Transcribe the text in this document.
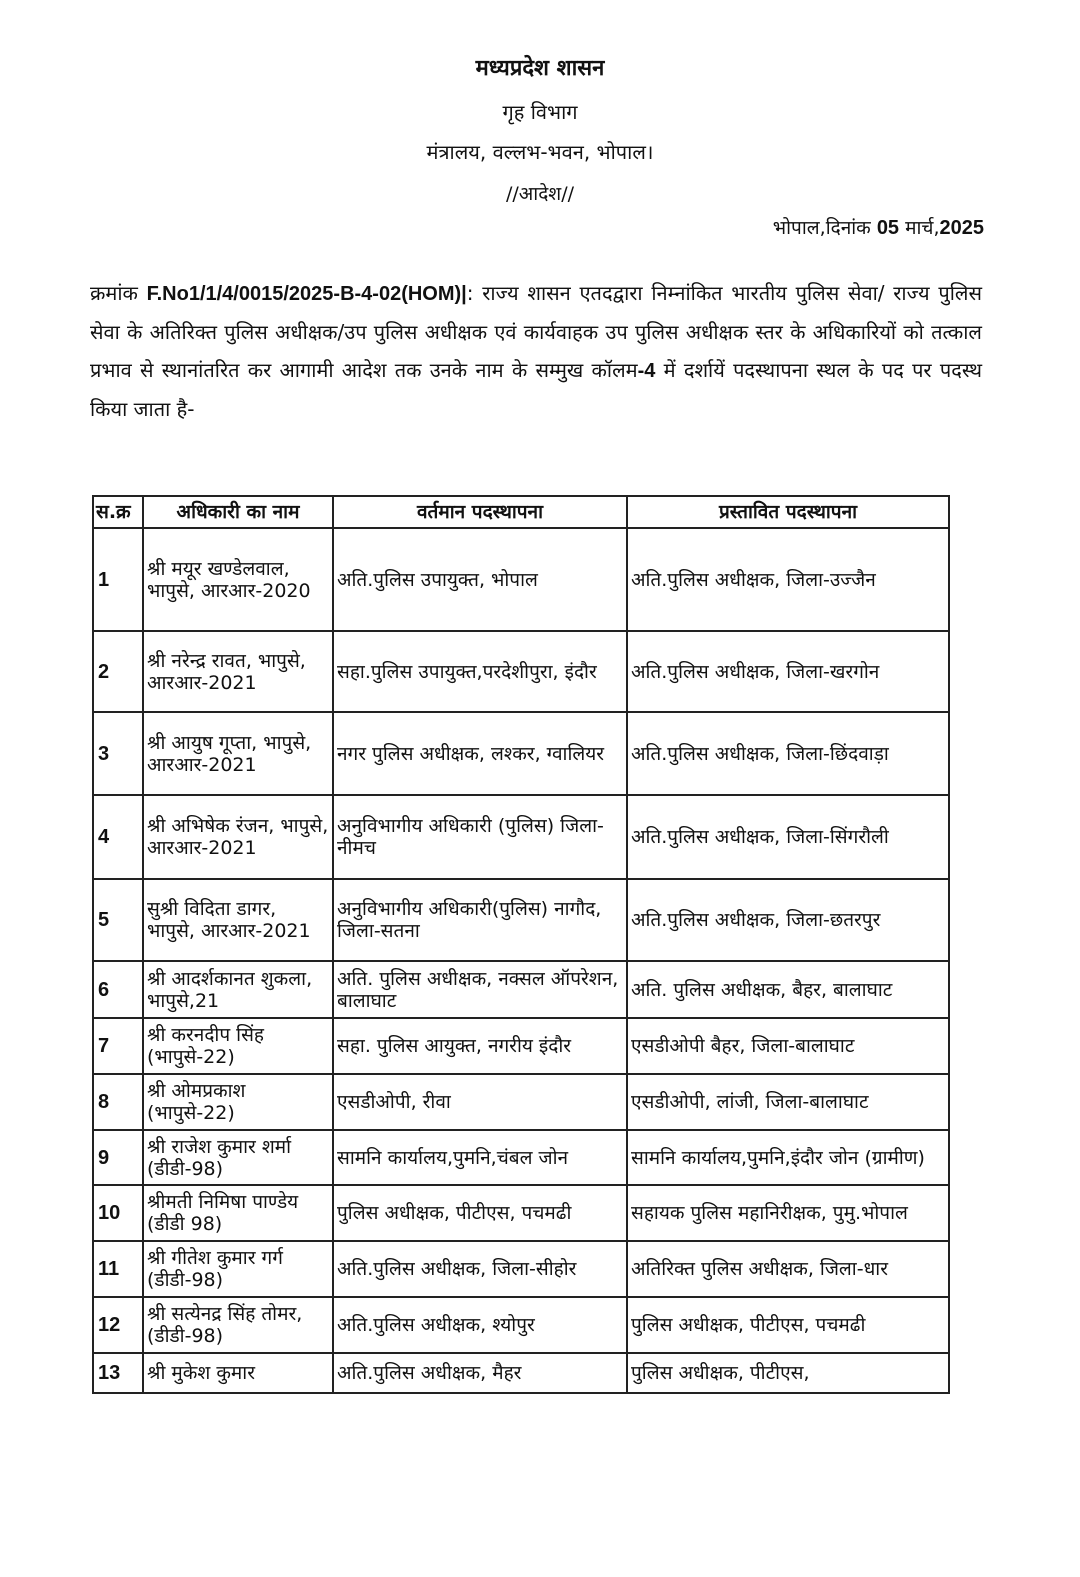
मध्यप्रदेश शासन
गृह विभाग
मंत्रालय, वल्लभ-भवन, भोपाल।
//आदेश//
भोपाल,दिनांक 05 मार्च,2025
क्रमांक F.No1/1/4/0015/2025-B-4-02(HOM)|: राज्य शासन एतदद्वारा निम्नांकित भारतीय पुलिस सेवा/ राज्य पुलिस सेवा के अतिरिक्त पुलिस अधीक्षक/उप पुलिस अधीक्षक एवं कार्यवाहक उप पुलिस अधीक्षक स्तर के अधिकारियों को तत्काल प्रभाव से स्थानांतरित कर आगामी आदेश तक उनके नाम के सम्मुख कॉलम-4 में दर्शायें पदस्थापना स्थल के पद पर पदस्थ किया जाता है-
स.क्र	अधिकारी का नाम	वर्तमान पदस्थापना	प्रस्तावित पदस्थापना
1	श्री मयूर खण्डेलवाल, भापुसे, आरआर-2020	अति.पुलिस उपायुक्त, भोपाल	अति.पुलिस अधीक्षक, जिला-उज्जैन
2	श्री नरेन्द्र रावत, भापुसे, आरआर-2021	सहा.पुलिस उपायुक्त,परदेशीपुरा, इंदौर	अति.पुलिस अधीक्षक, जिला-खरगोन
3	श्री आयुष गूप्ता, भापुसे, आरआर-2021	नगर पुलिस अधीक्षक, लश्कर, ग्वालियर	अति.पुलिस अधीक्षक, जिला-छिंदवाड़ा
4	श्री अभिषेक रंजन, भापुसे, आरआर-2021	अनुविभागीय अधिकारी (पुलिस) जिला-नीमच	अति.पुलिस अधीक्षक, जिला-सिंगरौली
5	सुश्री विदिता डागर, भापुसे, आरआर-2021	अनुविभागीय अधिकारी(पुलिस) नागौद, जिला-सतना	अति.पुलिस अधीक्षक, जिला-छतरपुर
6	श्री आदर्शकानत शुकला, भापुसे,21	अति. पुलिस अधीक्षक, नक्सल ऑपरेशन, बालाघाट	अति. पुलिस अधीक्षक, बैहर, बालाघाट
7	श्री करनदीप सिंह (भापुसे-22)	सहा. पुलिस आयुक्त, नगरीय इंदौर	एसडीओपी बैहर, जिला-बालाघाट
8	श्री ओमप्रकाश (भापुसे-22)	एसडीओपी, रीवा	एसडीओपी, लांजी, जिला-बालाघाट
9	श्री राजेश कुमार शर्मा (डीडी-98)	सामनि कार्यालय,पुमनि,चंबल जोन	सामनि कार्यालय,पुमनि,इंदौर जोन (ग्रामीण)
10	श्रीमती निमिषा पाण्डेय (डीडी 98)	पुलिस अधीक्षक, पीटीएस, पचमढी	सहायक पुलिस महानिरीक्षक, पुमु.भोपाल
11	श्री गीतेश कुमार गर्ग (डीडी-98)	अति.पुलिस अधीक्षक, जिला-सीहोर	अतिरिक्त पुलिस अधीक्षक, जिला-धार
12	श्री सत्येनद्र सिंह तोमर,(डीडी-98)	अति.पुलिस अधीक्षक, श्योपुर	पुलिस अधीक्षक, पीटीएस, पचमढी
13	श्री मुकेश कुमार	अति.पुलिस अधीक्षक, मैहर	पुलिस अधीक्षक, पीटीएस,
